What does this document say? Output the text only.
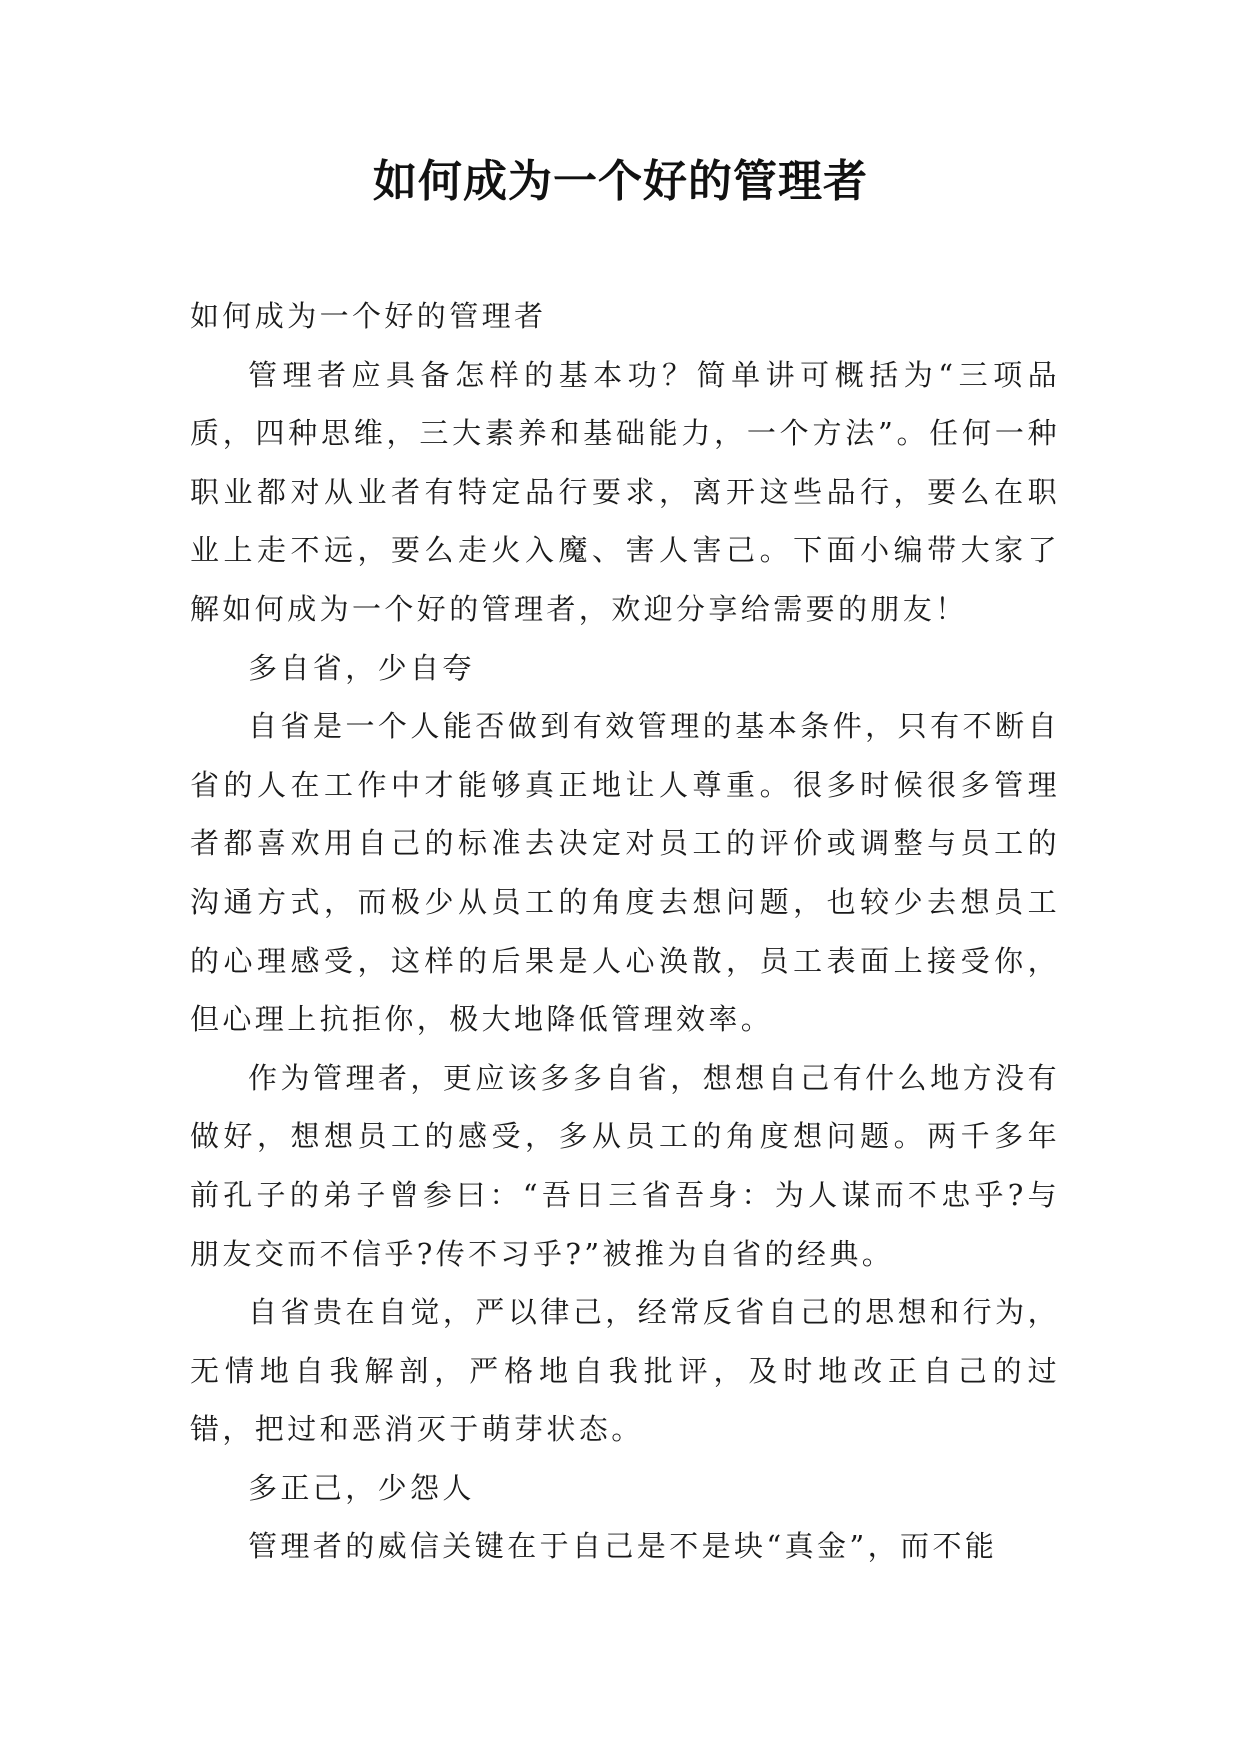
如何成为一个好的管理者

如何成为一个好的管理者

管理者应具备怎样的基本功？简单讲可概括为“三项品质，四种思维，三大素养和基础能力，一个方法”。任何一种职业都对从业者有特定品行要求，离开这些品行，要么在职业上走不远，要么走火入魔、害人害己。下面小编带大家了解如何成为一个好的管理者，欢迎分享给需要的朋友！

多自省，少自夸

自省是一个人能否做到有效管理的基本条件，只有不断自省的人在工作中才能够真正地让人尊重。很多时候很多管理者都喜欢用自己的标准去决定对员工的评价或调整与员工的沟通方式，而极少从员工的角度去想问题，也较少去想员工的心理感受，这样的后果是人心涣散，员工表面上接受你，但心理上抗拒你，极大地降低管理效率。

作为管理者，更应该多多自省，想想自己有什么地方没有做好，想想员工的感受，多从员工的角度想问题。两千多年前孔子的弟子曾参曰：“吾日三省吾身：为人谋而不忠乎?与朋友交而不信乎?传不习乎?”被推为自省的经典。

自省贵在自觉，严以律己，经常反省自己的思想和行为，无情地自我解剖，严格地自我批评，及时地改正自己的过错，把过和恶消灭于萌芽状态。

多正己，少怨人

管理者的威信关键在于自己是不是块“真金”，而不能
